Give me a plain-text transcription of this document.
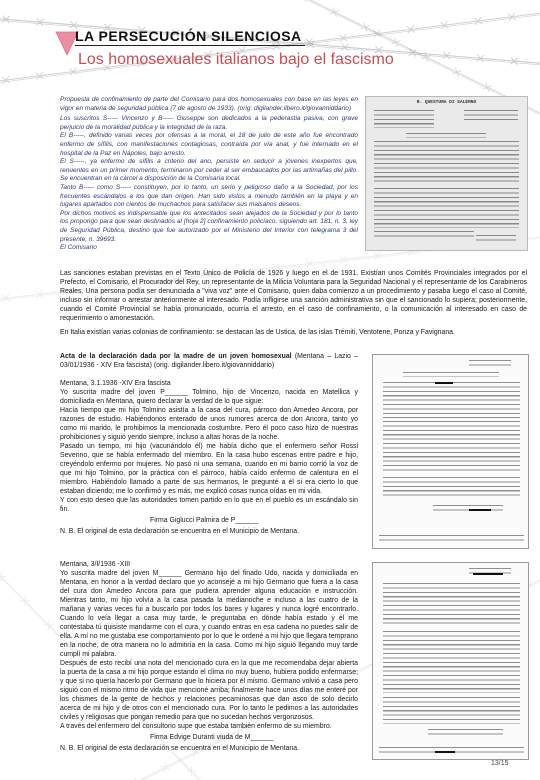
LA PERSECUCIÓN SILENCIOSA
Los homosexuales italianos bajo el fascismo

Propuesta de confinamiento de parte del Comisario para dos homosexuales con base en las leyes en vigor en materia de seguridad pública (7 de agosto de 1933). (orig: digilander.libero.it/giovanniddario)

Los suscritos S----- Vincenzo y B----- Giuseppe son dedicados a la pederastia pasiva, con grave perjuicio de la moralidad pública y la integridad de la raza.

El B-----, definido varias veces por ofensas a la moral, el 18 de julio de este año fue encontrado enfermo de sífilis, con manifestaciones contagiosas, contraída por vía anal, y fue internado en el hospital de la Paz en Nápoles, bajo arresto.

El S-----, ya enfermo de sífilis a criterio del ano, persiste en seducir a jóvenes inexpertos que, renuentes en un primer momento, terminaron por ceder al ser embaucados por las artimañas del pillo. Se encuentran en la cárcel a disposición de la Comisaría local.

Tanto B----- como S----- constituyen, por lo tanto, un serio y peligroso daño a la Sociedad, por los frecuentes escándalos a los que dan origen. Han sido vistos a menudo también en la playa y en lugares apartados con cientos de muchachos para satisfacer sus malsanos deseos.

Por dichos motivos es indispensable que los antecitados sean alejados de la Sociedad y por lo tanto los propongo para que sean destinados al [hoja 2] confinamiento policíaco, siguiendo art. 181, n. 3, ley de Seguridad Pública, destino que fue autorizado por el Ministerio del Interior con telegrama 3 del presente, n. 39693.

El Comisario

R. QUESTURA DI SALERNO

Las sanciones estaban previstas en el Texto Único de Policía de 1926 y luego en el de 1931. Existían unos Comités Provinciales integrados por el Prefecto, el Comisario, el Procurador del Rey, un representante de la Milicia Voluntaria para la Seguridad Nacional y el representante de los Carabineros Reales. Una persona podía ser denunciada a "viva voz" ante el Comisario, quien daba comienzo a un procedimiento y pasaba luego el caso al Comité, incluso sin informar o arrestar anteriormente al interesado. Podía infligirse una sanción administrativa sin que el sancionado lo supiera; posteriormente, cuando el Comité Provincial se había pronunciado, ocurría el arresto, en el caso de confinamiento, o la comunicación al interesado en caso de requerimiento o amonestación.

En Italia existían varias colonias de confinamiento: se destacan las de Ustica, de las islas Trémiti, Ventotene, Ponza y Favignana.

Acta de la declaración dada por la madre de un joven homosexual (Mentana – Lazio – 03/01/1936 - XIV Era fascista) (orig. digilander.libero.it/giovanniddario)

Mentana, 3.1.1936 -XIV Era fascista

Yo suscrita madre del joven P______ Tolmino, hijo de Vincenzo, nacida en Matellica y domiciliada en Mentana, quiero declarar la verdad de lo que sigue:

Hacía tiempo que mi hijo Tolmino asistía a la casa del cura, párroco don Amedeo Ancora, por razones de estudio. Habiéndonos enterado de unos rumores acerca de don Ancora, tanto yo como mi marido, le prohibimos la mencionada costumbre. Pero él poco caso hizo de nuestras prohibiciones y siguió yendo siempre, incluso a altas horas de la noche.

Pasado un tiempo, mi hijo (vacunándolo él) me había dicho que el enfermero señor Rossi Severino, que se había enfermado del miembro. En la casa hubo escenas entre padre e hijo, creyéndolo enfermo por mujeres. No pasó ni una semana, cuando en mi barrio corrió la voz de que mi hijo Tolmino, por la práctica con el párroco, había caído enfermo de calentura en el miembro. Habiéndolo llamado a parte de sus hermanos, le pregunté a él si era cierto lo que estaban diciendo; me lo confirmó y es más, me explicó cosas nunca oídas en mi vida.

Y con esto deseo que las autoridades tomen partido en lo que en el pueblo es un escándalo sin fin.

Firma Giglucci Palmira de P______

N. B. El original de esta declaración se encuentra en el Municipio de Mentana.

Mentana, 3/I/1936 -XIII

Yo suscrita madre del joven M______ Germano hijo del finado Udo, nacida y domiciliada en Mentana, en honor a la verdad declaro que yo aconsejé a mi hijo Germano que fuera a la casa del cura don Amedeo Ancora para que pudiera aprender alguna educación e instrucción. Mientras tanto, mi hijo volvía a la casa pasada la medianoche e incluso a las cuatro de la mañana y varias veces fui a buscarlo por todos los bares y lugares y nunca logré encontrarlo. Cuando lo veía llegar a casa muy tarde, le preguntaba en dónde había estado y él me contestaba tú quisiste mandarme con el cura, y cuando entras en esa cadena no puedes salir de ella. A mí no me gustaba ese comportamiento por lo que le ordené a mi hijo que llegara temprano en la noche, de otra manera no lo admitiría en la casa. Como mi hijo siguió llegando muy tarde cumplí mi palabra.

Después de esto recibí una nota del mencionado cura en la que me recomendaba dejar abierta la puerta de la casa a mi hijo porque estando el clima no muy bueno, hubiera podido enfermarse; y que si no quería hacerlo por Germano que lo hiciera por él mismo. Germano volvió a casa pero siguió con el mismo ritmo de vida que mencioné arriba; finalmente hace unos días me enteré por los chismes de la gente de hechos y relaciones pecaminosas que dan asco de solo decirlo acerca de mi hijo y de otros con el mencionado cura. Por lo tanto le pedimos a las autoridades civiles y religiosas que pongan remedio para que no sucedan hechos vergonzosos.

A través del enfermero del consultorio supe que estaba también enfermo de su miembro.

Firma Edvige Duranti viuda de M______

N. B. El original de esta declaración se encuentra en el Municipio de Mentana.

13/15
